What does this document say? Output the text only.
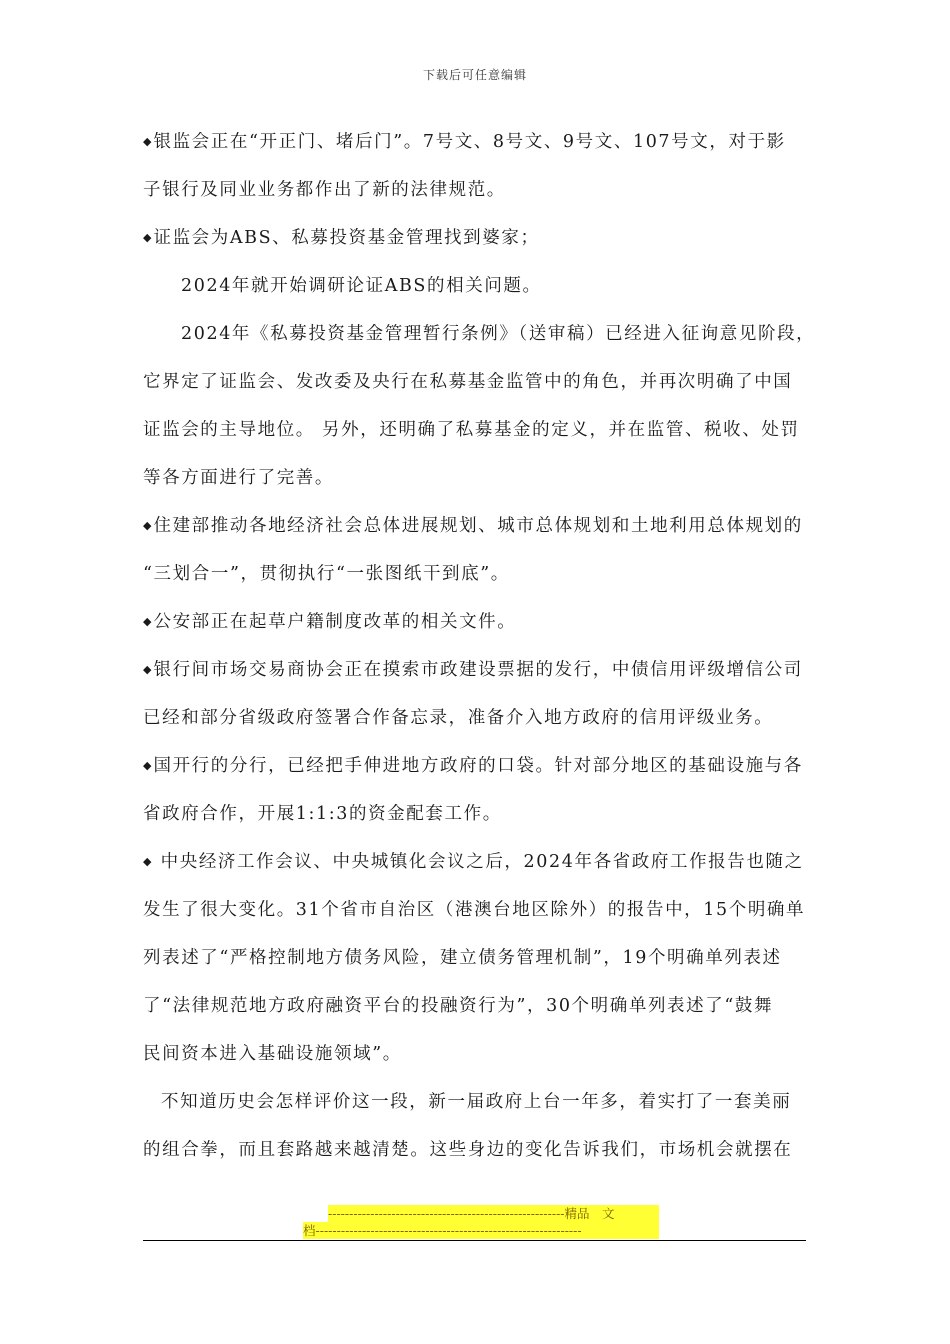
下载后可任意编辑
◆ 银监会正在“开正门、堵后门”。7号文、8号文、9号文、107号文，对于影
子银行及同业业务都作出了新的法律规范。
◆ 证监会为ABS、私募投资基金管理找到婆家；
2024年就开始调研论证ABS的相关问题。
2024年《私募投资基金管理暂行条例》（送审稿）已经进入征询意见阶段，
它界定了证监会、发改委及央行在私募基金监管中的角色，并再次明确了中国
证监会的主导地位。 另外，还明确了私募基金的定义，并在监管、税收、处罚
等各方面进行了完善。
◆ 住建部推动各地经济社会总体进展规划、城市总体规划和土地利用总体规划的
“三划合一”，贯彻执行“一张图纸干到底”。
◆ 公安部正在起草户籍制度改革的相关文件。
◆ 银行间市场交易商协会正在摸索市政建设票据的发行，中债信用评级增信公司
已经和部分省级政府签署合作备忘录，准备介入地方政府的信用评级业务。
◆ 国开行的分行，已经把手伸进地方政府的口袋。针对部分地区的基础设施与各
省政府合作，开展1:1:3的资金配套工作。
◆ 中央经济工作会议、中央城镇化会议之后，2024年各省政府工作报告也随之
发生了很大变化。31个省市自治区（港澳台地区除外）的报告中，15个明确单
列表述了“严格控制地方债务风险，建立债务管理机制”，19个明确单列表述
了“法律规范地方政府融资平台的投融资行为”，30个明确单列表述了“鼓舞
民间资本进入基础设施领域”。
不知道历史会怎样评价这一段，新一届政府上台一年多，着实打了一套美丽
的组合拳，而且套路越来越清楚。这些身边的变化告诉我们，市场机会就摆在
--------------------------------------------------------精品　文
档---------------------------------------------------------------
